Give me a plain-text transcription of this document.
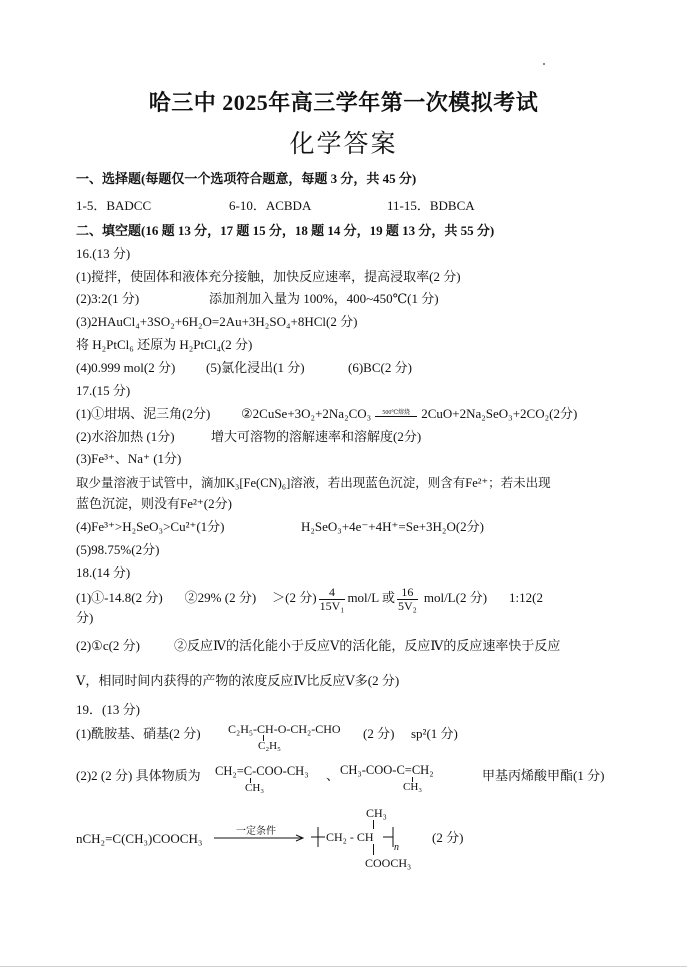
哈三中 2025年高三学年第一次模拟考试
化学答案
一、选择题(每题仅一个选项符合题意，每题 3 分，共 45 分)
1-5．BADCC	6-10．ACBDA	11-15．BDBCA
二、填空题(16 题 13 分，17 题 15 分，18 题 14 分，19 题 13 分，共 55 分)
16.(13 分)
(1)搅拌，使固体和液体充分接触，加快反应速率，提高浸取率(2 分)
(2)3:2(1 分)	添加剂加入量为 100%，400~450℃(1 分)
(3)2HAuCl₄+3SO₂+6H₂O=2Au+3H₂SO₄+8HCl(2 分)
将 H₂PtCl₆ 还原为 H₂PtCl₄(2 分)
(4)0.999 mol(2 分) (5)氯化浸出(1 分)	(6)BC(2 分)
17.(15 分)
(1)①坩埚、泥三角(2分) ②2CuSe+3O₂+2Na₂CO₃	500℃熔烧 2CuO+2Na₂SeO₃+2CO₂(2分)
(2)水浴加热 (1分)	增大可溶物的溶解速率和溶解度(2分)
(3)Fe³⁺、Na⁺ (1分)
取少量溶液于试管中，滴加K₃[Fe(CN)₆]溶液，若出现蓝色沉淀，则含有Fe²⁺；若未出现
蓝色沉淀，则没有Fe²⁺(2分)
(4)Fe³⁺>H₂SeO₃>Cu²⁺(1分)	H₂SeO₃+4e⁻+4H⁺=Se+3H₂O(2分)
(5)98.75%(2分)
18.(14 分)
(1)①-14.8(2 分) ②29% (2 分) ＞(2 分) $\frac{4}{\text{15V₁}} mol/L$ 或 $\frac{16}{\text{5V₂}} mol/L(2$ 分) 1:12(2
分)
(2)①c(2 分)	②反应Ⅳ的活化能小于反应Ⅴ的活化能，反应Ⅳ的反应速率快于反应
Ⅴ，相同时间内获得的产物的浓度反应Ⅳ比反应Ⅴ多(2 分)
19．(13 分)
(1)酰胺基、硝基(2 分) C₂H₅-CH-O-CH₂-CHO
C₂H₅
(2 分) sp²(1 分)
(2)2 (2 分) 具体物质为 CH₂=C-COO-CH₃
CH₃
、 CH₃-COO-C=CH₂
CH₃
甲基丙烯酸甲酯(1 分)
nCH₂=C(CH₃)COOCH₃	一定条件
CH₃
CH₂ - CH
n
COOCH₃
(2 分)
